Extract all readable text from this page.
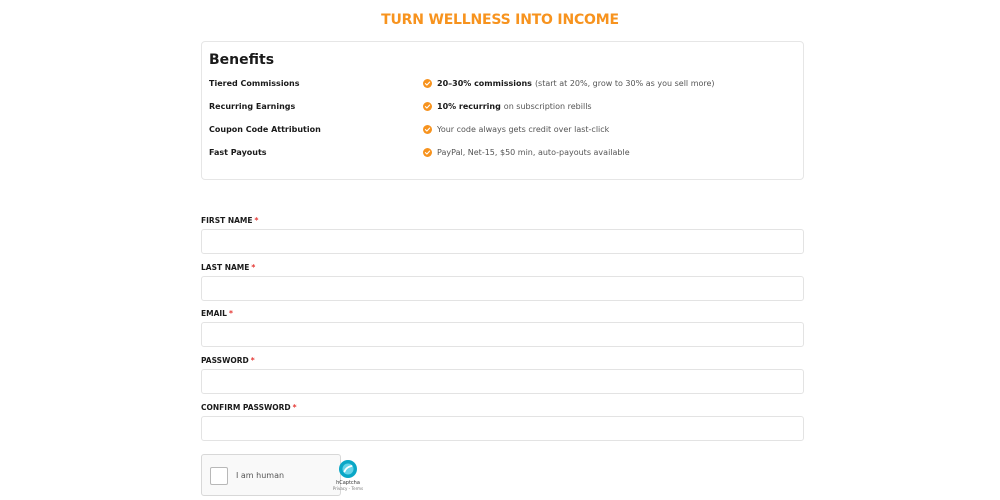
TURN WELLNESS INTO INCOME
Benefits
Tiered Commissions	20–30% commissions (start at 20%, grow to 30% as you sell more)
Recurring Earnings	10% recurring on subscription rebills
Coupon Code Attribution	Your code always gets credit over last-click
Fast Payouts	PayPal, Net-15, $50 min, auto-payouts available
FIRST NAME *
LAST NAME *
EMAIL *
PASSWORD *
CONFIRM PASSWORD *
I am human
hCaptcha
Privacy - Terms
